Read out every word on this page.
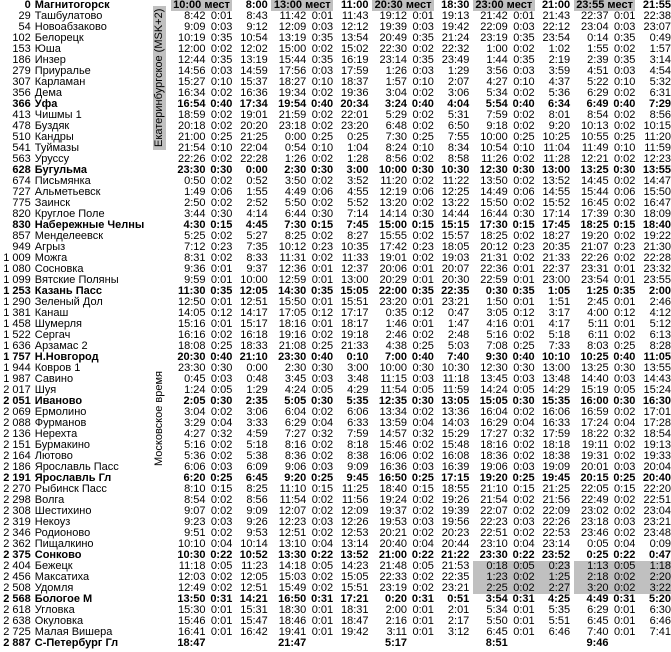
0	Магнитогорск		10:00 мест		8:00		13:00 мест		11:00		20:30 мест		18:30		23:00 мест		21:00		23:55 мест		21:55
29	Ташбулатово		8:42	0:01	8:43		11:42	0:01	11:43		19:12	0:01	19:13		21:42	0:01	21:43		22:37	0:01	22:38
54	Новоабзаково		9:09	0:03	9:12		12:09	0:03	12:12		19:39	0:03	19:42		22:09	0:03	22:12		23:04	0:03	23:07
102	Белорецк		10:19	0:35	10:54		13:19	0:35	13:54		20:49	0:35	21:24		23:19	0:35	23:54		0:14	0:35	0:49
153	Юша		12:00	0:02	12:02		15:00	0:02	15:02		22:30	0:02	22:32		1:00	0:02	1:02		1:55	0:02	1:57
186	Инзер		12:44	0:35	13:19		15:44	0:35	16:19		23:14	0:35	23:49		1:44	0:35	2:19		2:39	0:35	3:14
279	Приуралье		14:56	0:03	14:59		17:56	0:03	17:59		1:26	0:03	1:29		3:56	0:03	3:59		4:51	0:03	4:54
307	Карламан		15:27	0:10	15:37		18:27	0:10	18:37		1:57	0:10	2:07		4:27	0:10	4:37		5:22	0:10	5:32
356	Дема		16:34	0:02	16:36		19:34	0:02	19:36		3:04	0:02	3:06		5:34	0:02	5:36		6:29	0:02	6:31
366	Уфа		16:54	0:40	17:34		19:54	0:40	20:34		3:24	0:40	4:04		5:54	0:40	6:34		6:49	0:40	7:29
413	Чишмы 1		18:59	0:02	19:01		21:59	0:02	22:01		5:29	0:02	5:31		7:59	0:02	8:01		8:54	0:02	8:56
478	Буздяк		20:18	0:02	20:20		23:18	0:02	23:20		6:48	0:02	6:50		9:18	0:02	9:20		10:13	0:02	10:15
510	Кандры		21:00	0:25	21:25		0:00	0:25	0:25		7:30	0:25	7:55		10:00	0:25	10:25		10:55	0:25	11:20
541	Туймазы		21:54	0:10	22:04		0:54	0:10	1:04		8:24	0:10	8:34		10:54	0:10	11:04		11:49	0:10	11:59
563	Уруссу		22:26	0:02	22:28		1:26	0:02	1:28		8:56	0:02	8:58		11:26	0:02	11:28		12:21	0:02	12:23
628	Бугульма		23:30	0:30	0:00		2:30	0:30	3:00		10:00	0:30	10:30		12:30	0:30	13:00		13:25	0:30	13:55
674	Письмянка		0:50	0:02	0:52		3:50	0:02	3:52		11:20	0:02	11:22		13:50	0:02	13:52		14:45	0:02	14:47
727	Альметьевск		1:49	0:06	1:55		4:49	0:06	4:55		12:19	0:06	12:25		14:49	0:06	14:55		15:44	0:06	15:50
775	Заинск		2:50	0:02	2:52		5:50	0:02	5:52		13:20	0:02	13:22		15:50	0:02	15:52		16:45	0:02	16:47
820	Круглое Поле		3:44	0:30	4:14		6:44	0:30	7:14		14:14	0:30	14:44		16:44	0:30	17:14		17:39	0:30	18:09
830	Набережные Челны		4:30	0:15	4:45		7:30	0:15	7:45		15:00	0:15	15:15		17:30	0:15	17:45		18:25	0:15	18:40
857	Менделеевск		5:25	0:02	5:27		8:25	0:02	8:27		15:55	0:02	15:57		18:25	0:02	18:27		19:20	0:02	19:22
949	Агрыз		7:12	0:23	7:35		10:12	0:23	10:35		17:42	0:23	18:05		20:12	0:23	20:35		21:07	0:23	21:30
1 009	Можга		8:31	0:02	8:33		11:31	0:02	11:33		19:01	0:02	19:03		21:31	0:02	21:33		22:26	0:02	22:28
1 080	Сосновка		9:36	0:01	9:37		12:36	0:01	12:37		20:06	0:01	20:07		22:36	0:01	22:37		23:31	0:01	23:32
1 099	Вятские Поляны		9:59	0:01	10:00		12:59	0:01	13:00		20:29	0:01	20:30		22:59	0:01	23:00		23:54	0:01	23:55
1 253	Казань Пасс		11:30	0:35	12:05		14:30	0:35	15:05		22:00	0:35	22:35		0:30	0:35	1:05		1:25	0:35	2:00
1 290	Зеленый Дол		12:50	0:01	12:51		15:50	0:01	15:51		23:20	0:01	23:21		1:50	0:01	1:51		2:45	0:01	2:46
1 381	Канаш		14:05	0:12	14:17		17:05	0:12	17:17		0:35	0:12	0:47		3:05	0:12	3:17		4:00	0:12	4:12
1 458	Шумерля		15:16	0:01	15:17		18:16	0:01	18:17		1:46	0:01	1:47		4:16	0:01	4:17		5:11	0:01	5:12
1 522	Сергач		16:16	0:02	16:18		19:16	0:02	19:18		2:46	0:02	2:48		5:16	0:02	5:18		6:11	0:02	6:13
1 636	Арзамас 2		18:08	0:25	18:33		21:08	0:25	21:33		4:38	0:25	5:03		7:08	0:25	7:33		8:03	0:25	8:28
1 757	Н.Новгород		20:30	0:40	21:10		23:30	0:40	0:10		7:00	0:40	7:40		9:30	0:40	10:10		10:25	0:40	11:05
1 944	Ковров 1		23:30	0:30	0:00		2:30	0:30	3:00		10:00	0:30	10:30		12:30	0:30	13:00		13:25	0:30	13:55
1 987	Савино		0:45	0:03	0:48		3:45	0:03	3:48		11:15	0:03	11:18		13:45	0:03	13:48		14:40	0:03	14:43
2 017	Шуя		1:24	0:05	1:29		4:24	0:05	4:29		11:54	0:05	11:59		14:24	0:05	14:29		15:19	0:05	15:24
2 051	Иваново		2:05	0:30	2:35		5:05	0:30	5:35		12:35	0:30	13:05		15:05	0:30	15:35		16:00	0:30	16:30
2 069	Ермолино		3:04	0:02	3:06		6:04	0:02	6:06		13:34	0:02	13:36		16:04	0:02	16:06		16:59	0:02	17:01
2 088	Фурманов		3:29	0:04	3:33		6:29	0:04	6:33		13:59	0:04	14:03		16:29	0:04	16:33		17:24	0:04	17:28
2 136	Нерехта		4:27	0:32	4:59		7:27	0:32	7:59		14:57	0:32	15:29		17:27	0:32	17:59		18:22	0:32	18:54
2 151	Бурмакино		5:16	0:02	5:18		8:16	0:02	8:18		15:46	0:02	15:48		18:16	0:02	18:18		19:11	0:02	19:13
2 164	Лютово		5:36	0:02	5:38		8:36	0:02	8:38		16:06	0:02	16:08		18:36	0:02	18:38		19:31	0:02	19:33
2 186	Ярославль Пасс		6:06	0:03	6:09		9:06	0:03	9:09		16:36	0:03	16:39		19:06	0:03	19:09		20:01	0:03	20:04
2 191	Ярославль Гл		6:20	0:25	6:45		9:20	0:25	9:45		16:50	0:25	17:15		19:20	0:25	19:45		20:15	0:25	20:40
2 270	Рыбинск Пасс		8:10	0:15	8:25		11:10	0:15	11:25		18:40	0:15	18:55		21:10	0:15	21:25		22:05	0:15	22:20
2 298	Волга		8:54	0:02	8:56		11:54	0:02	11:56		19:24	0:02	19:26		21:54	0:02	21:56		22:49	0:02	22:51
2 308	Шестихино		9:07	0:02	9:09		12:07	0:02	12:09		19:37	0:02	19:39		22:07	0:02	22:09		23:02	0:02	23:04
2 319	Некоуз		9:23	0:03	9:26		12:23	0:03	12:26		19:53	0:03	19:56		22:23	0:03	22:26		23:18	0:03	23:21
2 346	Родионово		9:51	0:02	9:53		12:51	0:02	12:53		20:21	0:02	20:23		22:51	0:02	22:53		23:46	0:02	23:48
2 362	Пищалкино		10:10	0:04	10:14		13:10	0:04	13:14		20:40	0:04	20:44		23:10	0:04	23:14		0:05	0:04	0:09
2 375	Сонково		10:30	0:22	10:52		13:30	0:22	13:52		21:00	0:22	21:22		23:30	0:22	23:52		0:25	0:22	0:47
2 404	Бежецк		11:18	0:05	11:23		14:18	0:05	14:23		21:48	0:05	21:53		0:18	0:05	0:23		1:13	0:05	1:18
2 456	Максатиха		12:03	0:02	12:05		15:03	0:02	15:05		22:33	0:02	22:35		1:23	0:02	1:25		2:18	0:02	2:20
2 508	Удомля		12:49	0:02	12:51		15:49	0:02	15:51		23:19	0:02	23:21		2:25	0:02	2:27		3:20	0:02	3:22
2 568	Бологое М		13:50	0:31	14:21		16:50	0:31	17:21		0:20	0:31	0:51		3:54	0:31	4:25		4:49	0:31	5:20
2 618	Угловка		15:30	0:01	15:31		18:30	0:01	18:31		2:00	0:01	2:01		5:34	0:01	5:35		6:29	0:01	6:30
2 638	Окуловка		15:46	0:01	15:47		18:46	0:01	18:47		2:16	0:01	2:17		5:50	0:01	5:51		6:45	0:01	6:46
2 725	Малая Вишера		16:41	0:01	16:42		19:41	0:01	19:42		3:11	0:01	3:12		6:45	0:01	6:46		7:40	0:01	7:41
2 887	С-Петербург Гл		18:47				21:47				5:17				8:51				9:46		
Екатеринбургское (MSK+2)
Московское время
